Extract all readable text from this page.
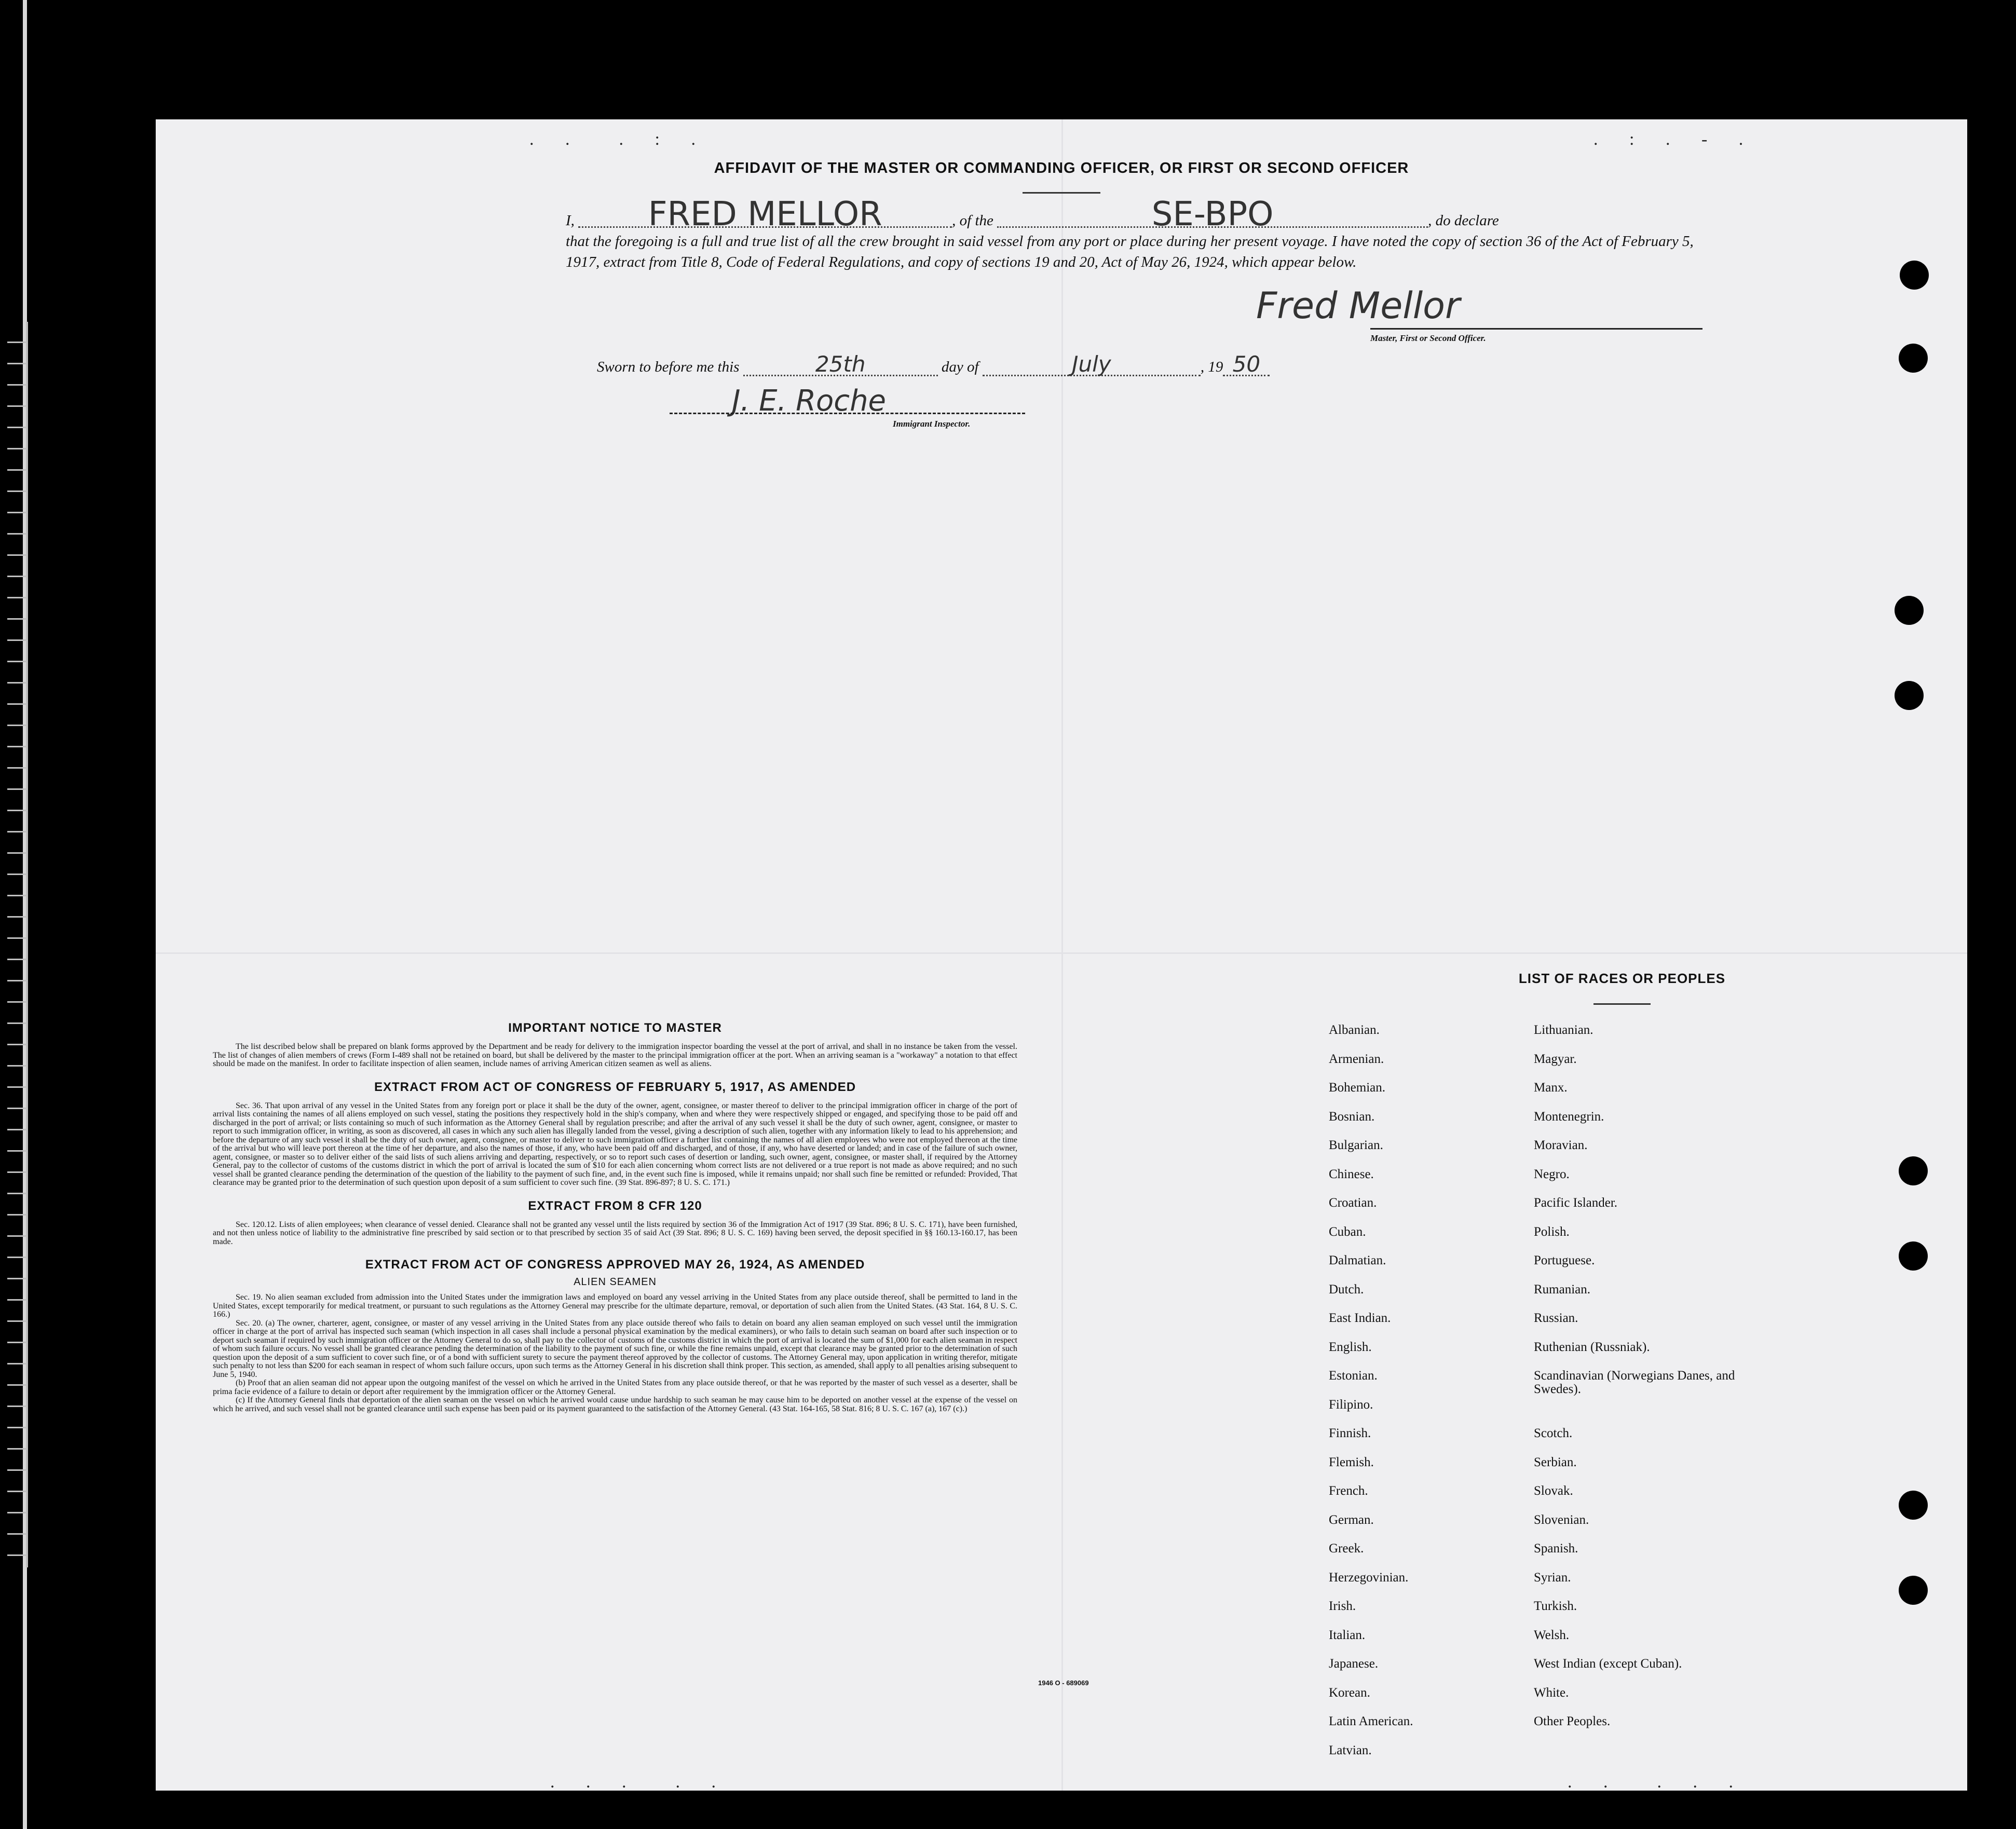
. .  . : .	. : . - .
. . .  . .	. .  . . .
AFFIDAVIT OF THE MASTER OR COMMANDING OFFICER, OR FIRST OR SECOND OFFICER
I, FRED MELLOR	, of the	SE-BPO	, do declare
that the foregoing is a full and true list of all the crew brought in said vessel from any port or place during her present voyage. I have noted the copy of section 36 of the Act of February 5, 1917, extract from Title 8, Code of Federal Regulations, and copy of sections 19 and 20, Act of May 26, 1924, which appear below.
Fred Mellor
Master, First or Second Officer.
Sworn to before me this	25th	day of	July	, 19 50
J. E. Roche
Immigrant Inspector.
IMPORTANT NOTICE TO MASTER

The list described below shall be prepared on blank forms approved by the Department and be ready for delivery to the immigration inspector boarding the vessel at the port of arrival, and shall in no instance be taken from the vessel. The list of changes of alien members of crews (Form I-489 shall not be retained on board, but shall be delivered by the master to the principal immigration officer at the port. When an arriving seaman is a "workaway" a notation to that effect should be made on the manifest. In order to facilitate inspection of alien seamen, include names of arriving American citizen seamen as well as aliens.

EXTRACT FROM ACT OF CONGRESS OF FEBRUARY 5, 1917, AS AMENDED

Sec. 36. That upon arrival of any vessel in the United States from any foreign port or place it shall be the duty of the owner, agent, consignee, or master thereof to deliver to the principal immigration officer in charge of the port of arrival lists containing the names of all aliens employed on such vessel, stating the positions they respectively hold in the ship's company, when and where they were respectively shipped or engaged, and specifying those to be paid off and discharged in the port of arrival; or lists containing so much of such information as the Attorney General shall by regulation prescribe; and after the arrival of any such vessel it shall be the duty of such owner, agent, consignee, or master to report to such immigration officer, in writing, as soon as discovered, all cases in which any such alien has illegally landed from the vessel, giving a description of such alien, together with any information likely to lead to his apprehension; and before the departure of any such vessel it shall be the duty of such owner, agent, consignee, or master to deliver to such immigration officer a further list containing the names of all alien employees who were not employed thereon at the time of the arrival but who will leave port thereon at the time of her departure, and also the names of those, if any, who have been paid off and discharged, and of those, if any, who have deserted or landed; and in case of the failure of such owner, agent, consignee, or master so to deliver either of the said lists of such aliens arriving and departing, respectively, or so to report such cases of desertion or landing, such owner, agent, consignee, or master shall, if required by the Attorney General, pay to the collector of customs of the customs district in which the port of arrival is located the sum of $10 for each alien concerning whom correct lists are not delivered or a true report is not made as above required; and no such vessel shall be granted clearance pending the determination of the question of the liability to the payment of such fine, and, in the event such fine is imposed, while it remains unpaid; nor shall such fine be remitted or refunded: Provided, That clearance may be granted prior to the determination of such question upon deposit of a sum sufficient to cover such fine. (39 Stat. 896-897; 8 U. S. C. 171.)

EXTRACT FROM 8 CFR 120

Sec. 120.12. Lists of alien employees; when clearance of vessel denied. Clearance shall not be granted any vessel until the lists required by section 36 of the Immigration Act of 1917 (39 Stat. 896; 8 U. S. C. 171), have been furnished, and not then unless notice of liability to the administrative fine prescribed by said section or to that prescribed by section 35 of said Act (39 Stat. 896; 8 U. S. C. 169) having been served, the deposit specified in §§ 160.13-160.17, has been made.

EXTRACT FROM ACT OF CONGRESS APPROVED MAY 26, 1924, AS AMENDED
ALIEN SEAMEN

Sec. 19. No alien seaman excluded from admission into the United States under the immigration laws and employed on board any vessel arriving in the United States from any place outside thereof, shall be permitted to land in the United States, except temporarily for medical treatment, or pursuant to such regulations as the Attorney General may prescribe for the ultimate departure, removal, or deportation of such alien from the United States. (43 Stat. 164, 8 U. S. C. 166.)

Sec. 20. (a) The owner, charterer, agent, consignee, or master of any vessel arriving in the United States from any place outside thereof who fails to detain on board any alien seaman employed on such vessel until the immigration officer in charge at the port of arrival has inspected such seaman (which inspection in all cases shall include a personal physical examination by the medical examiners), or who fails to detain such seaman on board after such inspection or to deport such seaman if required by such immigration officer or the Attorney General to do so, shall pay to the collector of customs of the customs district in which the port of arrival is located the sum of $1,000 for each alien seaman in respect of whom such failure occurs. No vessel shall be granted clearance pending the determination of the liability to the payment of such fine, or while the fine remains unpaid, except that clearance may be granted prior to the determination of such question upon the deposit of a sum sufficient to cover such fine, or of a bond with sufficient surety to secure the payment thereof approved by the collector of customs. The Attorney General may, upon application in writing therefor, mitigate such penalty to not less than $200 for each seaman in respect of whom such failure occurs, upon such terms as the Attorney General in his discretion shall think proper. This section, as amended, shall apply to all penalties arising subsequent to June 5, 1940.

(b) Proof that an alien seaman did not appear upon the outgoing manifest of the vessel on which he arrived in the United States from any place outside thereof, or that he was reported by the master of such vessel as a deserter, shall be prima facie evidence of a failure to detain or deport after requirement by the immigration officer or the Attorney General.

(c) If the Attorney General finds that deportation of the alien seaman on the vessel on which he arrived would cause undue hardship to such seaman he may cause him to be deported on another vessel at the expense of the vessel on which he arrived, and such vessel shall not be granted clearance until such expense has been paid or its payment guaranteed to the satisfaction of the Attorney General. (43 Stat. 164-165, 58 Stat. 816; 8 U. S. C. 167 (a), 167 (c).)

1946 O - 689069
LIST OF RACES OR PEOPLES
Albanian.
Armenian.
Bohemian.
Bosnian.
Bulgarian.
Chinese.
Croatian.
Cuban.
Dalmatian.
Dutch.
East Indian.
English.
Estonian.
Filipino.
Finnish.
Flemish.
French.
German.
Greek.
Herzegovinian.
Irish.
Italian.
Japanese.
Korean.
Latin American.
Latvian.
Lithuanian.
Magyar.
Manx.
Montenegrin.
Moravian.
Negro.
Pacific Islander.
Polish.
Portuguese.
Rumanian.
Russian.
Ruthenian (Russniak).
Scandinavian (Norwegians Danes, and Swedes).
Scotch.
Serbian.
Slovak.
Slovenian.
Spanish.
Syrian.
Turkish.
Welsh.
West Indian (except Cuban).
White.
Other Peoples.
